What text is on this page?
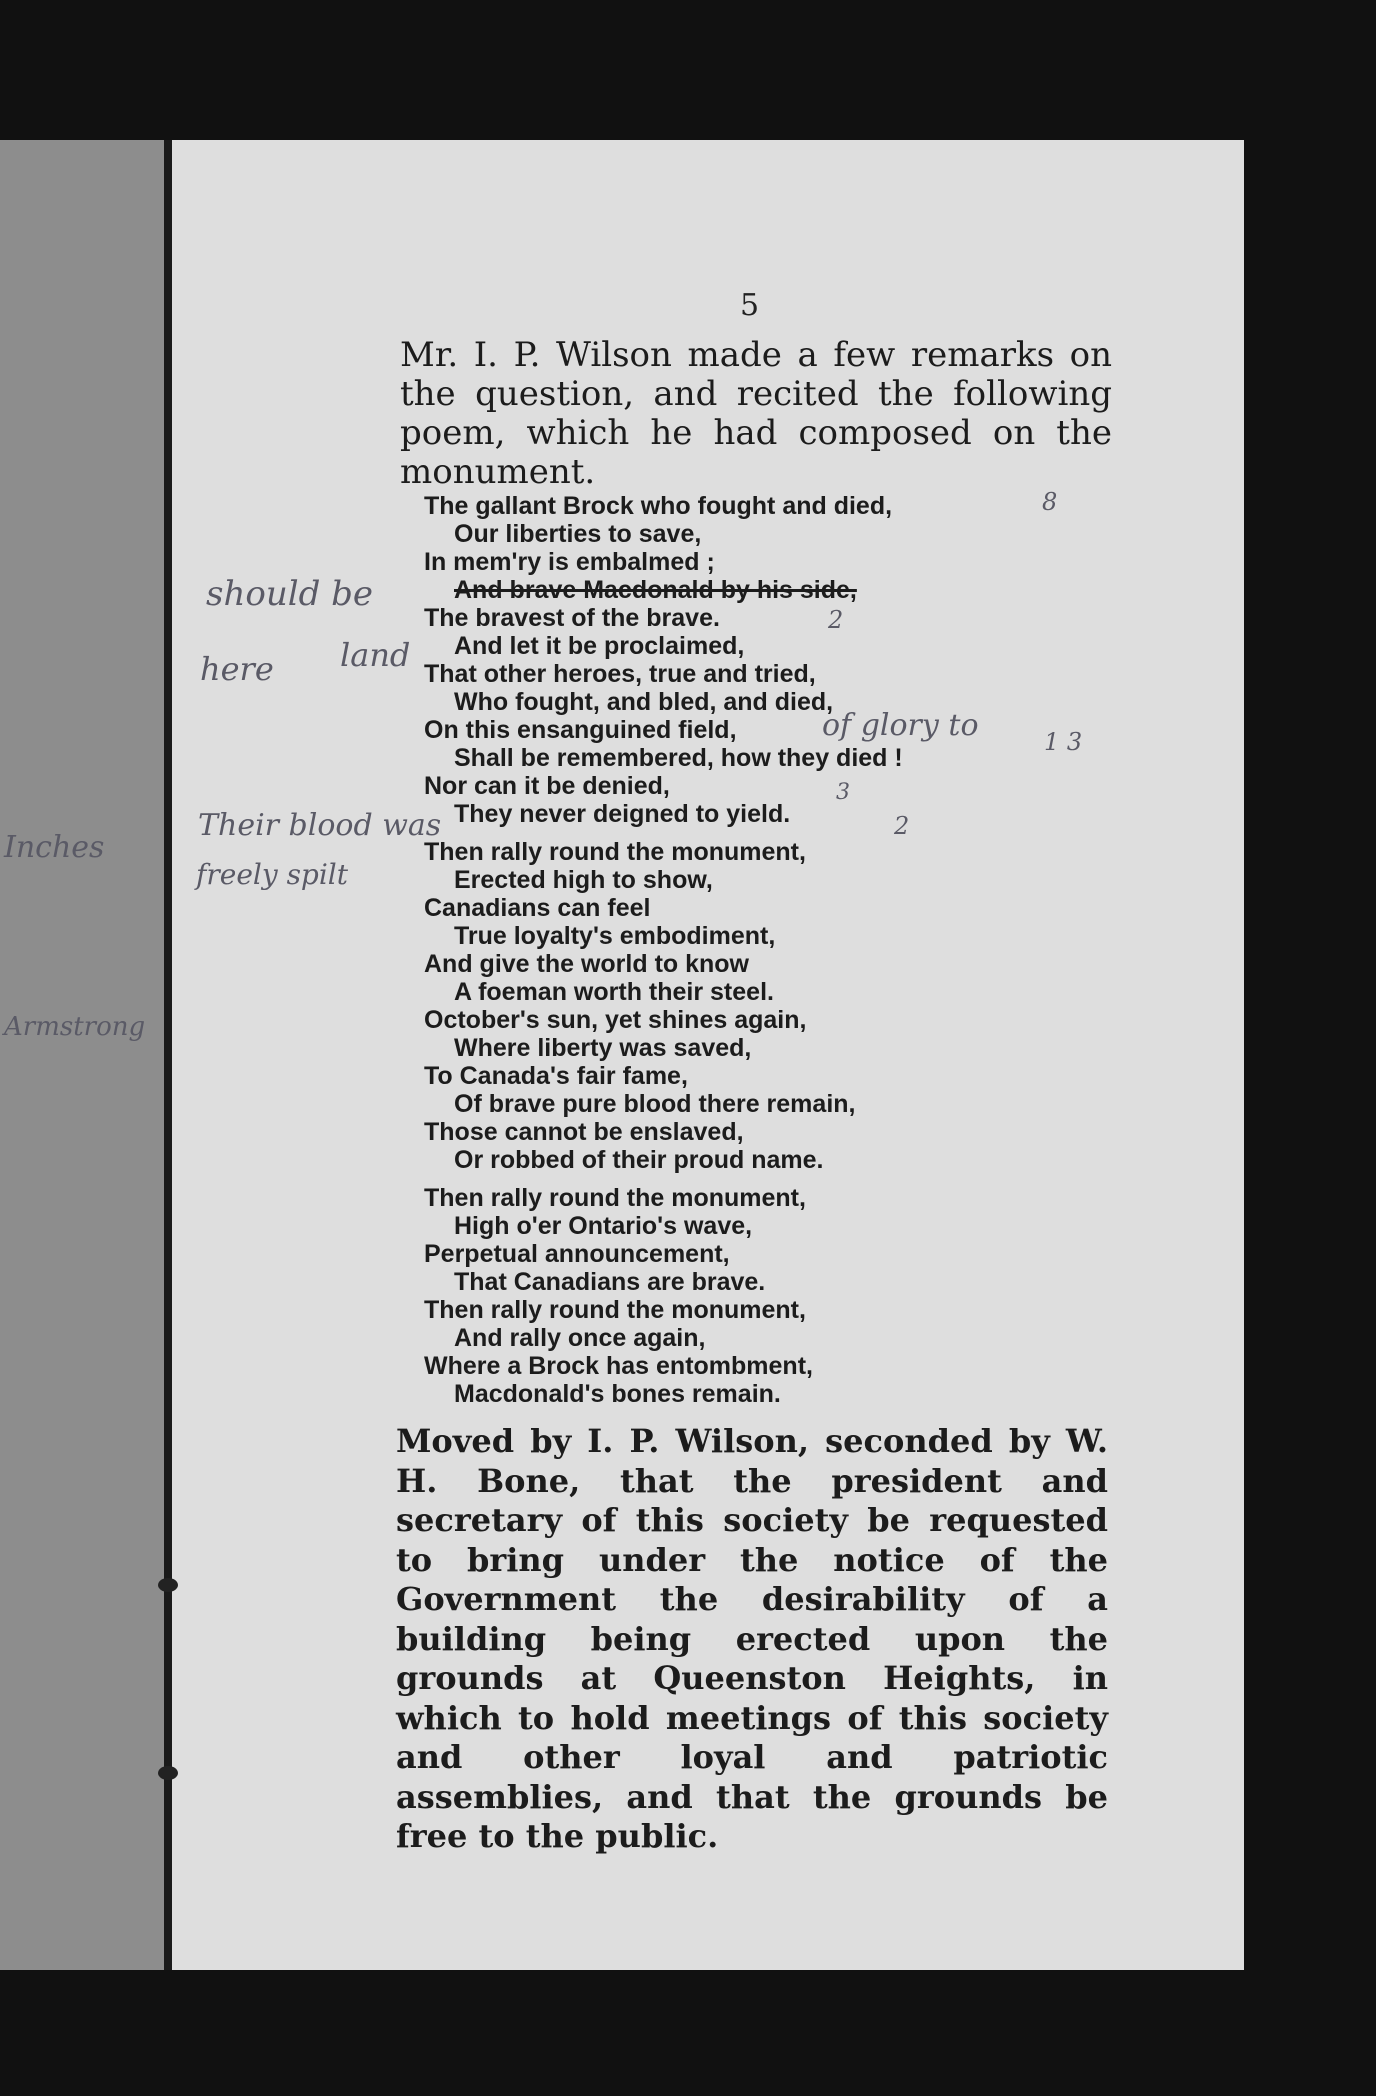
5
Mr. I. P. Wilson made a few remarks on the question, and recited the following poem, which he had composed on the monument.
The gallant Brock who fought and died,
Our liberties to save,
In mem'ry is embalmed ;
And brave Macdonald by his side,
The bravest of the brave.
And let it be proclaimed,
That other heroes, true and tried,
Who fought, and bled, and died,
On this ensanguined field,
Shall be remembered, how they died !
Nor can it be denied,
They never deigned to yield.
Then rally round the monument,
Erected high to show,
Canadians can feel
True loyalty's embodiment,
And give the world to know
A foeman worth their steel.
October's sun, yet shines again,
Where liberty was saved,
To Canada's fair fame,
Of brave pure blood there remain,
Those cannot be enslaved,
Or robbed of their proud name.
Then rally round the monument,
High o'er Ontario's wave,
Perpetual announcement,
That Canadians are brave.
Then rally round the monument,
And rally once again,
Where a Brock has entombment,
Macdonald's bones remain.
Moved by I. P. Wilson, seconded by W. H. Bone, that the president and secretary of this society be requested to bring under the notice of the Government the desirability of a building being erected upon the grounds at Queenston Heights, in which to hold meetings of this society and other loyal and patriotic assemblies, and that the grounds be free to the public.
should be
here land
of glory to
8
2
1 3
3
2
Their blood was
freely spilt
Inches
Armstrong
